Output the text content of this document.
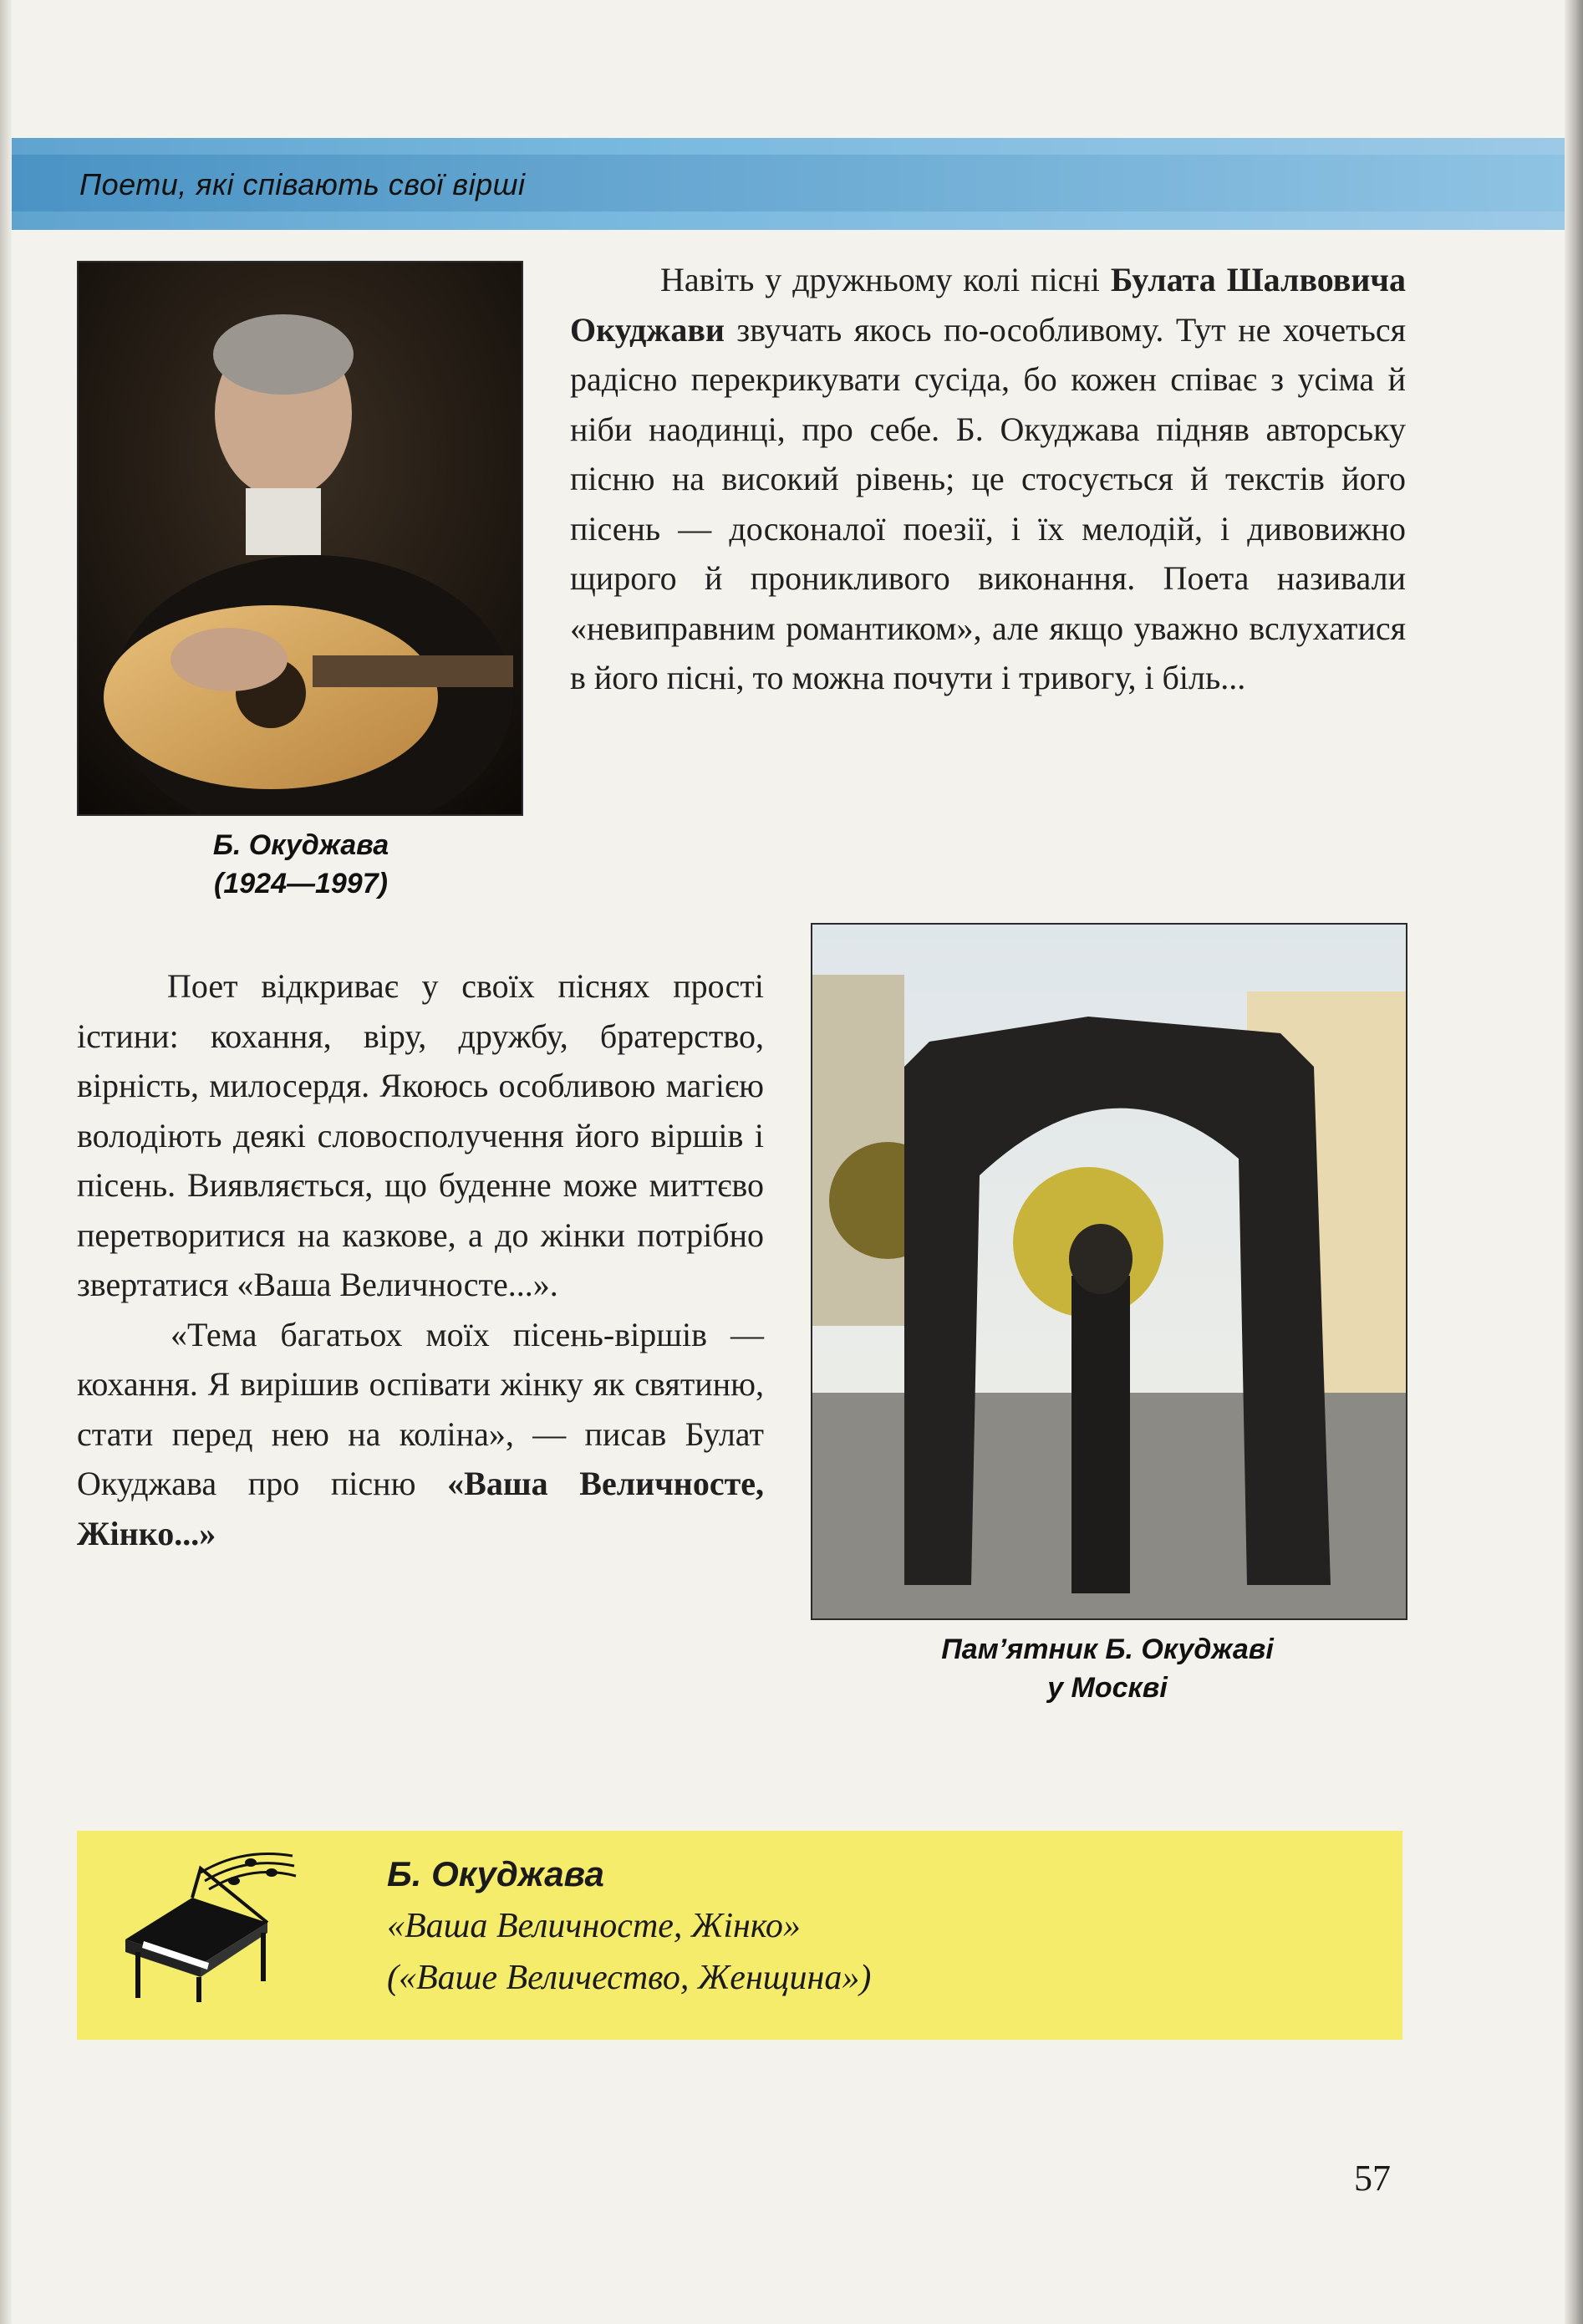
Поети, які співають свої вірші
Б. Окуджава
(1924—1997)

Навіть у дружньому колі пісні Булата Шалвовича Окуджави звучать якось по-особливому. Тут не хочеться радісно перекрикувати сусіда, бо кожен співає з усіма й ніби наодинці, про себе. Б. Окуджава підняв авторську пісню на високий рівень; це стосується й текстів його пісень — досконалої поезії, і їх мелодій, і дивовижно щирого й проникливого виконання. Поета називали «невиправним романтиком», але якщо уважно вслухатися в його пісні, то можна почути і тривогу, і біль...

Пам’ятник Б. Окуджаві
у Москві

Поет відкриває у своїх піснях прості істини: кохання, віру, дружбу, братерство, вірність, милосердя. Якоюсь особливою магією володіють деякі словосполучення його віршів і пісень. Виявляється, що буденне може миттєво перетворитися на казкове, а до жінки потрібно звертатися «Ваша Величносте...».

«Тема багатьох моїх пісень-віршів — кохання. Я вирішив оспівати жінку як святиню, стати перед нею на коліна», — писав Булат Окуджава про пісню «Ваша Величносте, Жінко...»

Б. Окуджава
«Ваша Величносте, Жінко»
(«Ваше Величество, Женщина»)
57
